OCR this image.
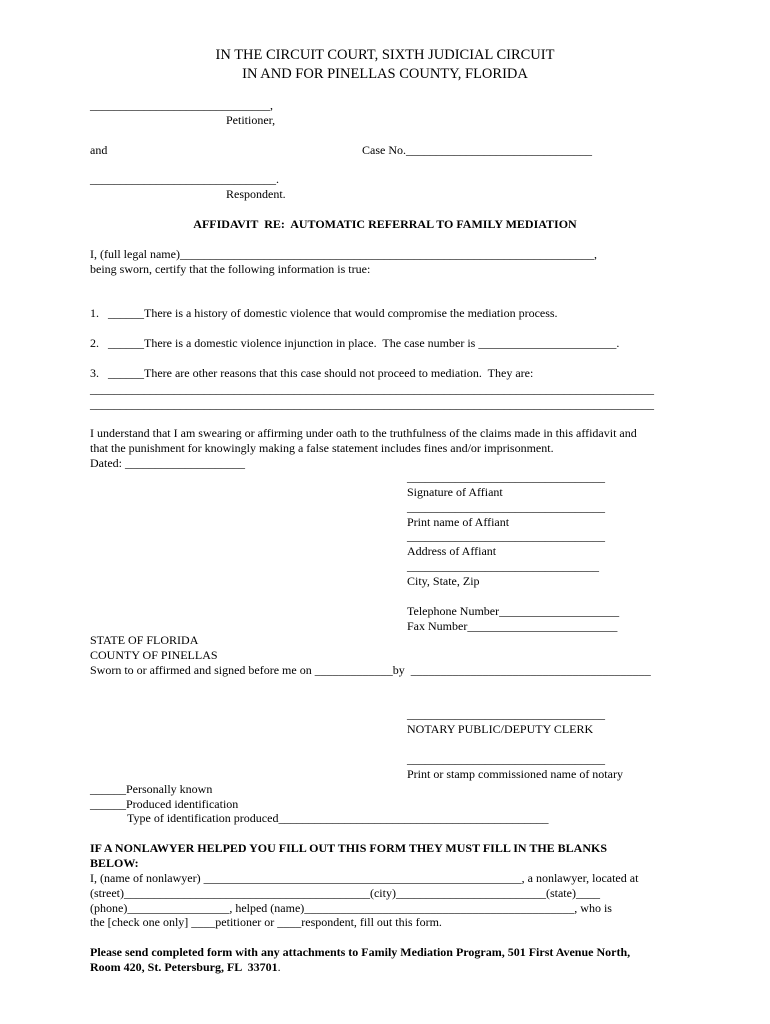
IN THE CIRCUIT COURT, SIXTH JUDICIAL CIRCUIT
IN AND FOR PINELLAS COUNTY, FLORIDA
______________________________,
Petitioner,
and	Case No._______________________________
_______________________________.
Respondent.
AFFIDAVIT  RE:  AUTOMATIC REFERRAL TO FAMILY MEDIATION
I, (full legal name)_____________________________________________________________________,
being sworn, certify that the following information is true:
1.   ______There is a history of domestic violence that would compromise the mediation process.
2.   ______There is a domestic violence injunction in place.  The case number is _______________________.
3.   ______There are other reasons that this case should not proceed to mediation.  They are:
______________________________________________________________________________________________
______________________________________________________________________________________________
I understand that I am swearing or affirming under oath to the truthfulness of the claims made in this affidavit and
that the punishment for knowingly making a false statement includes fines and/or imprisonment.
Dated: ____________________
_________________________________
Signature of Affiant
_________________________________
Print name of Affiant
_________________________________
Address of Affiant
________________________________
City, State, Zip
Telephone Number____________________
Fax Number_________________________
STATE OF FLORIDA
COUNTY OF PINELLAS
Sworn to or affirmed and signed before me on _____________by  ________________________________________
_________________________________
NOTARY PUBLIC/DEPUTY CLERK
_________________________________
Print or stamp commissioned name of notary
______Personally known
______Produced identification
Type of identification produced_____________________________________________
IF A NONLAWYER HELPED YOU FILL OUT THIS FORM THEY MUST FILL IN THE BLANKS
BELOW:
I, (name of nonlawyer) _____________________________________________________, a nonlawyer, located at
(street)_________________________________________(city)_________________________(state)____
(phone)_________________, helped (name)_____________________________________________, who is
the [check one only] ____petitioner or ____respondent, fill out this form.
Please send completed form with any attachments to Family Mediation Program, 501 First Avenue North,
Room 420, St. Petersburg, FL  33701.
